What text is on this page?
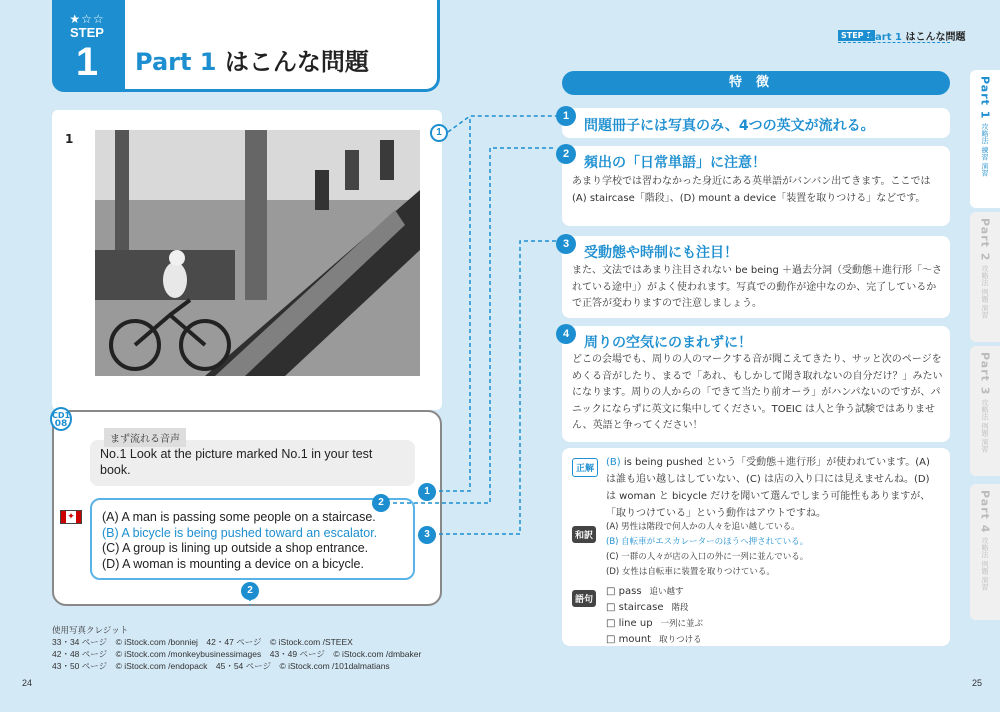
★☆☆
STEP
1	Part 1 はこんな問題
1
CD1
08
No.1 Look at the picture marked No.1 in your test book.
まず流れる音声
✦	(A) A man is passing some people on a staircase.
(B) A bicycle is being pushed toward an escalator.
(C) A group is lining up outside a shop entrance.
(D) A woman is mounting a device on a bicycle.
1
1
2
3
2
使用写真クレジット
33・34 ページ　© iStock.com /bonniej　42・47 ページ　© iStock.com /STEEX
42・48 ページ　© iStock.com /monkeybusinessimages　43・49 ページ　© iStock.com /dmbaker
43・50 ページ　© iStock.com /endopack　45・54 ページ　© iStock.com /101dalmatians
24
STEP 1
Part 1 はこんな問題
特徴
問題冊子には写真のみ、4つの英文が流れる。
1
頻出の「日常単語」に注意！
あまり学校では習わなかった身近にある英単語がバンバン出てきます。ここでは (A) staircase「階段」、(D) mount a device「装置を取りつける」などです。
2
受動態や時制にも注目！
また、文法ではあまり注目されない be being ＋過去分詞（受動態＋進行形「〜されている途中」）がよく使われます。写真での動作が途中なのか、完了しているかで正答が変わりますので注意しましょう。
3
周りの空気にのまれずに！
どこの会場でも、周りの人のマークする音が聞こえてきたり、サッと次のページをめくる音がしたり、まるで「あれ、もしかして聞き取れないの自分だけ？」みたいになります。周りの人からの「できて当たり前オーラ」がハンパないのですが、パニックにならずに英文に集中してください。TOEIC は人と争う試験ではありません、英語と争ってください！
4
正解
(B) is being pushed という「受動態＋進行形」が使われています。(A) は誰も追い越しはしていない、(C) は店の入り口には見えませんね。(D) は woman と bicycle だけを聞いて選んでしまう可能性もありますが、「取りつけている」という動作はアウトですね。
和訳
(A) 男性は階段で何人かの人々を追い越している。
(B) 自転車がエスカレーターのほうへ押されている。
(C) 一群の人々が店の入口の外に一列に並んでいる。
(D) 女性は自転車に装置を取りつけている。
語句
□ pass 追い越す
□ staircase 階段
□ line up 一列に並ぶ
□ mount 取りつける
25
Part 1
攻略法 練習 演習
Part 2
攻略法 例題 演習
Part 3
攻略法 例題 演習
Part 4
攻略法 例題 演習
